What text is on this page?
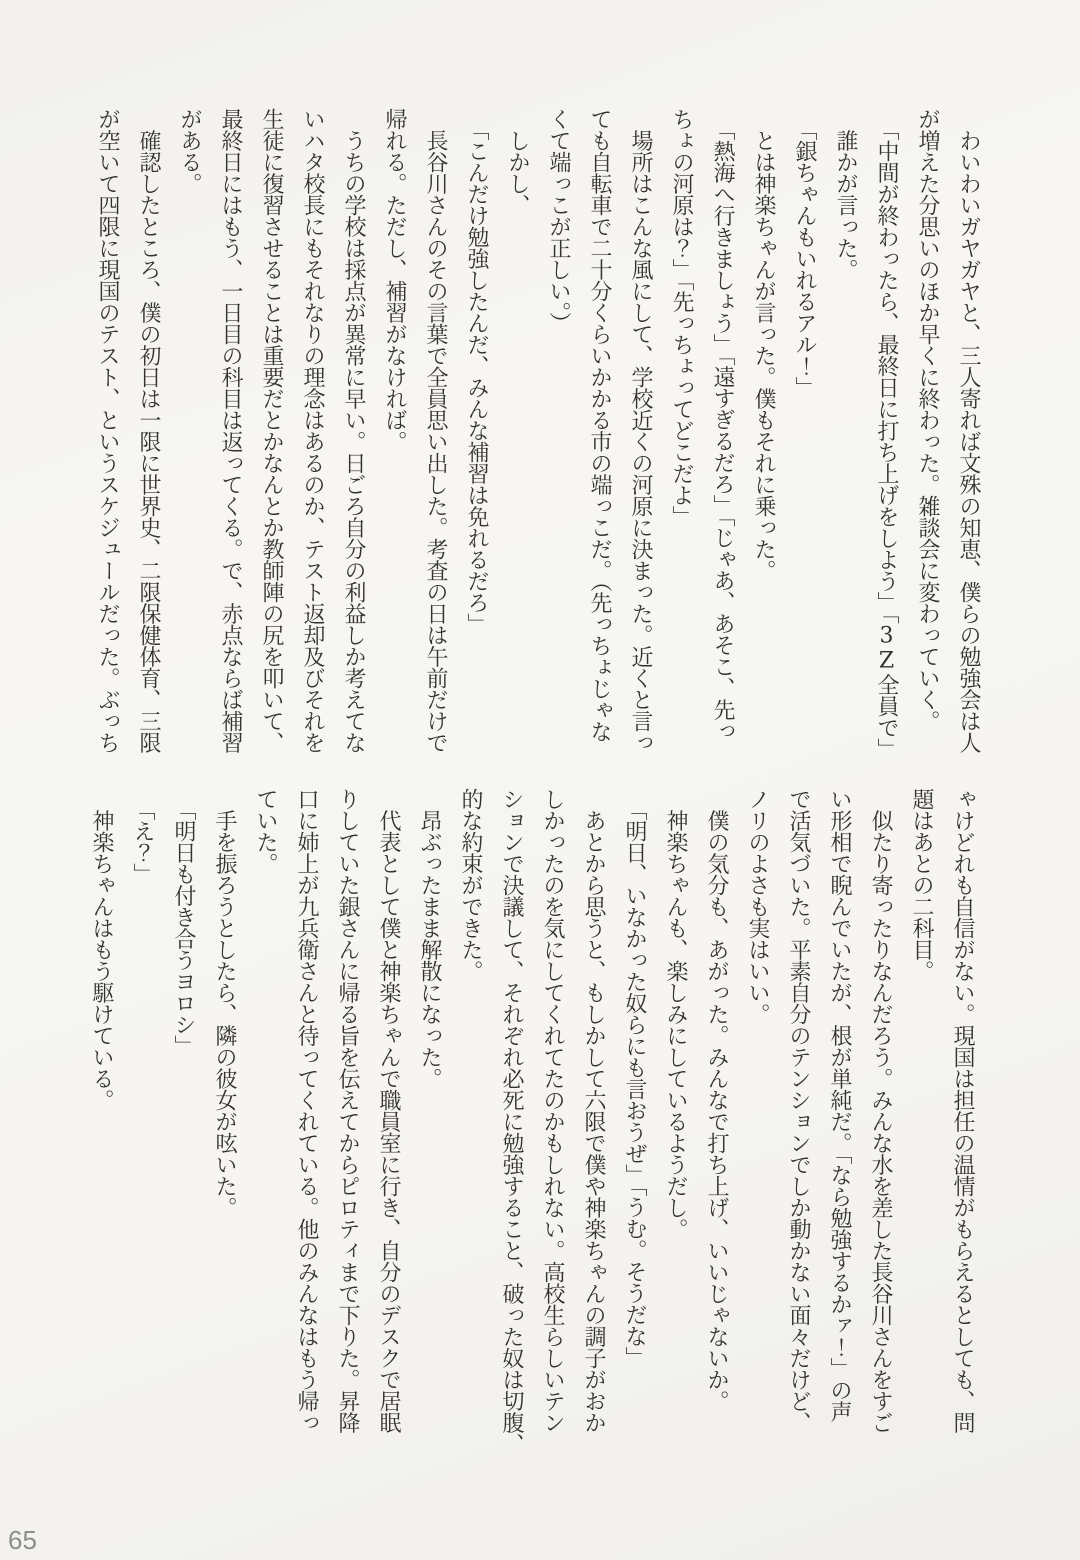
　わいわいガヤガヤと、三人寄れば文殊の知恵、僕らの勉強会は人
が増えた分思いのほか早くに終わった。雑談会に変わっていく。
　「中間が終わったら、最終日に打ち上げをしよう」「3Z全員で」
　誰かが言った。
　「銀ちゃんもいれるアル！」
　とは神楽ちゃんが言った。僕もそれに乗った。
　「熱海へ行きましょう」「遠すぎるだろ」「じゃあ、あそこ、先っ
ちょの河原は？」「先っちょってどこだよ」
　場所はこんな風にして、学校近くの河原に決まった。近くと言っ
ても自転車で二十分くらいかかる市の端っこだ。（先っちょじゃな
くて端っこが正しい。）
　しかし、
　「こんだけ勉強したんだ、みんな補習は免れるだろ」
　長谷川さんのその言葉で全員思い出した。考査の日は午前だけで
帰れる。ただし、補習がなければ。
　うちの学校は採点が異常に早い。日ごろ自分の利益しか考えてな
いハタ校長にもそれなりの理念はあるのか、テスト返却及びそれを
生徒に復習させることは重要だとかなんとか教師陣の尻を叩いて、
最終日にはもう、一日目の科目は返ってくる。で、赤点ならば補習
がある。
　確認したところ、僕の初日は一限に世界史、二限保健体育、三限
が空いて四限に現国のテスト、というスケジュールだった。ぶっち
ゃけどれも自信がない。現国は担任の温情がもらえるとしても、問
題はあとの二科目。
　似たり寄ったりなんだろう。みんな水を差した長谷川さんをすご
い形相で睨んでいたが、根が単純だ。「なら勉強するかァ！」の声
で活気づいた。平素自分のテンションでしか動かない面々だけど、
ノリのよさも実はいい。
　僕の気分も、あがった。みんなで打ち上げ、いいじゃないか。
　神楽ちゃんも、楽しみにしているようだし。
　「明日、いなかった奴らにも言おうぜ」「うむ。そうだな」
　あとから思うと、もしかして六限で僕や神楽ちゃんの調子がおか
しかったのを気にしてくれてたのかもしれない。高校生らしいテン
ションで決議して、それぞれ必死に勉強すること、破った奴は切腹、
的な約束ができた。
　昂ぶったまま解散になった。
　代表として僕と神楽ちゃんで職員室に行き、自分のデスクで居眠
りしていた銀さんに帰る旨を伝えてからピロティまで下りた。昇降
口に姉上が九兵衛さんと待ってくれている。他のみんなはもう帰っ
ていた。
　手を振ろうとしたら、隣の彼女が呟いた。
　「明日も付き合うヨロシ」
　「え？」
　神楽ちゃんはもう駆けている。
65
